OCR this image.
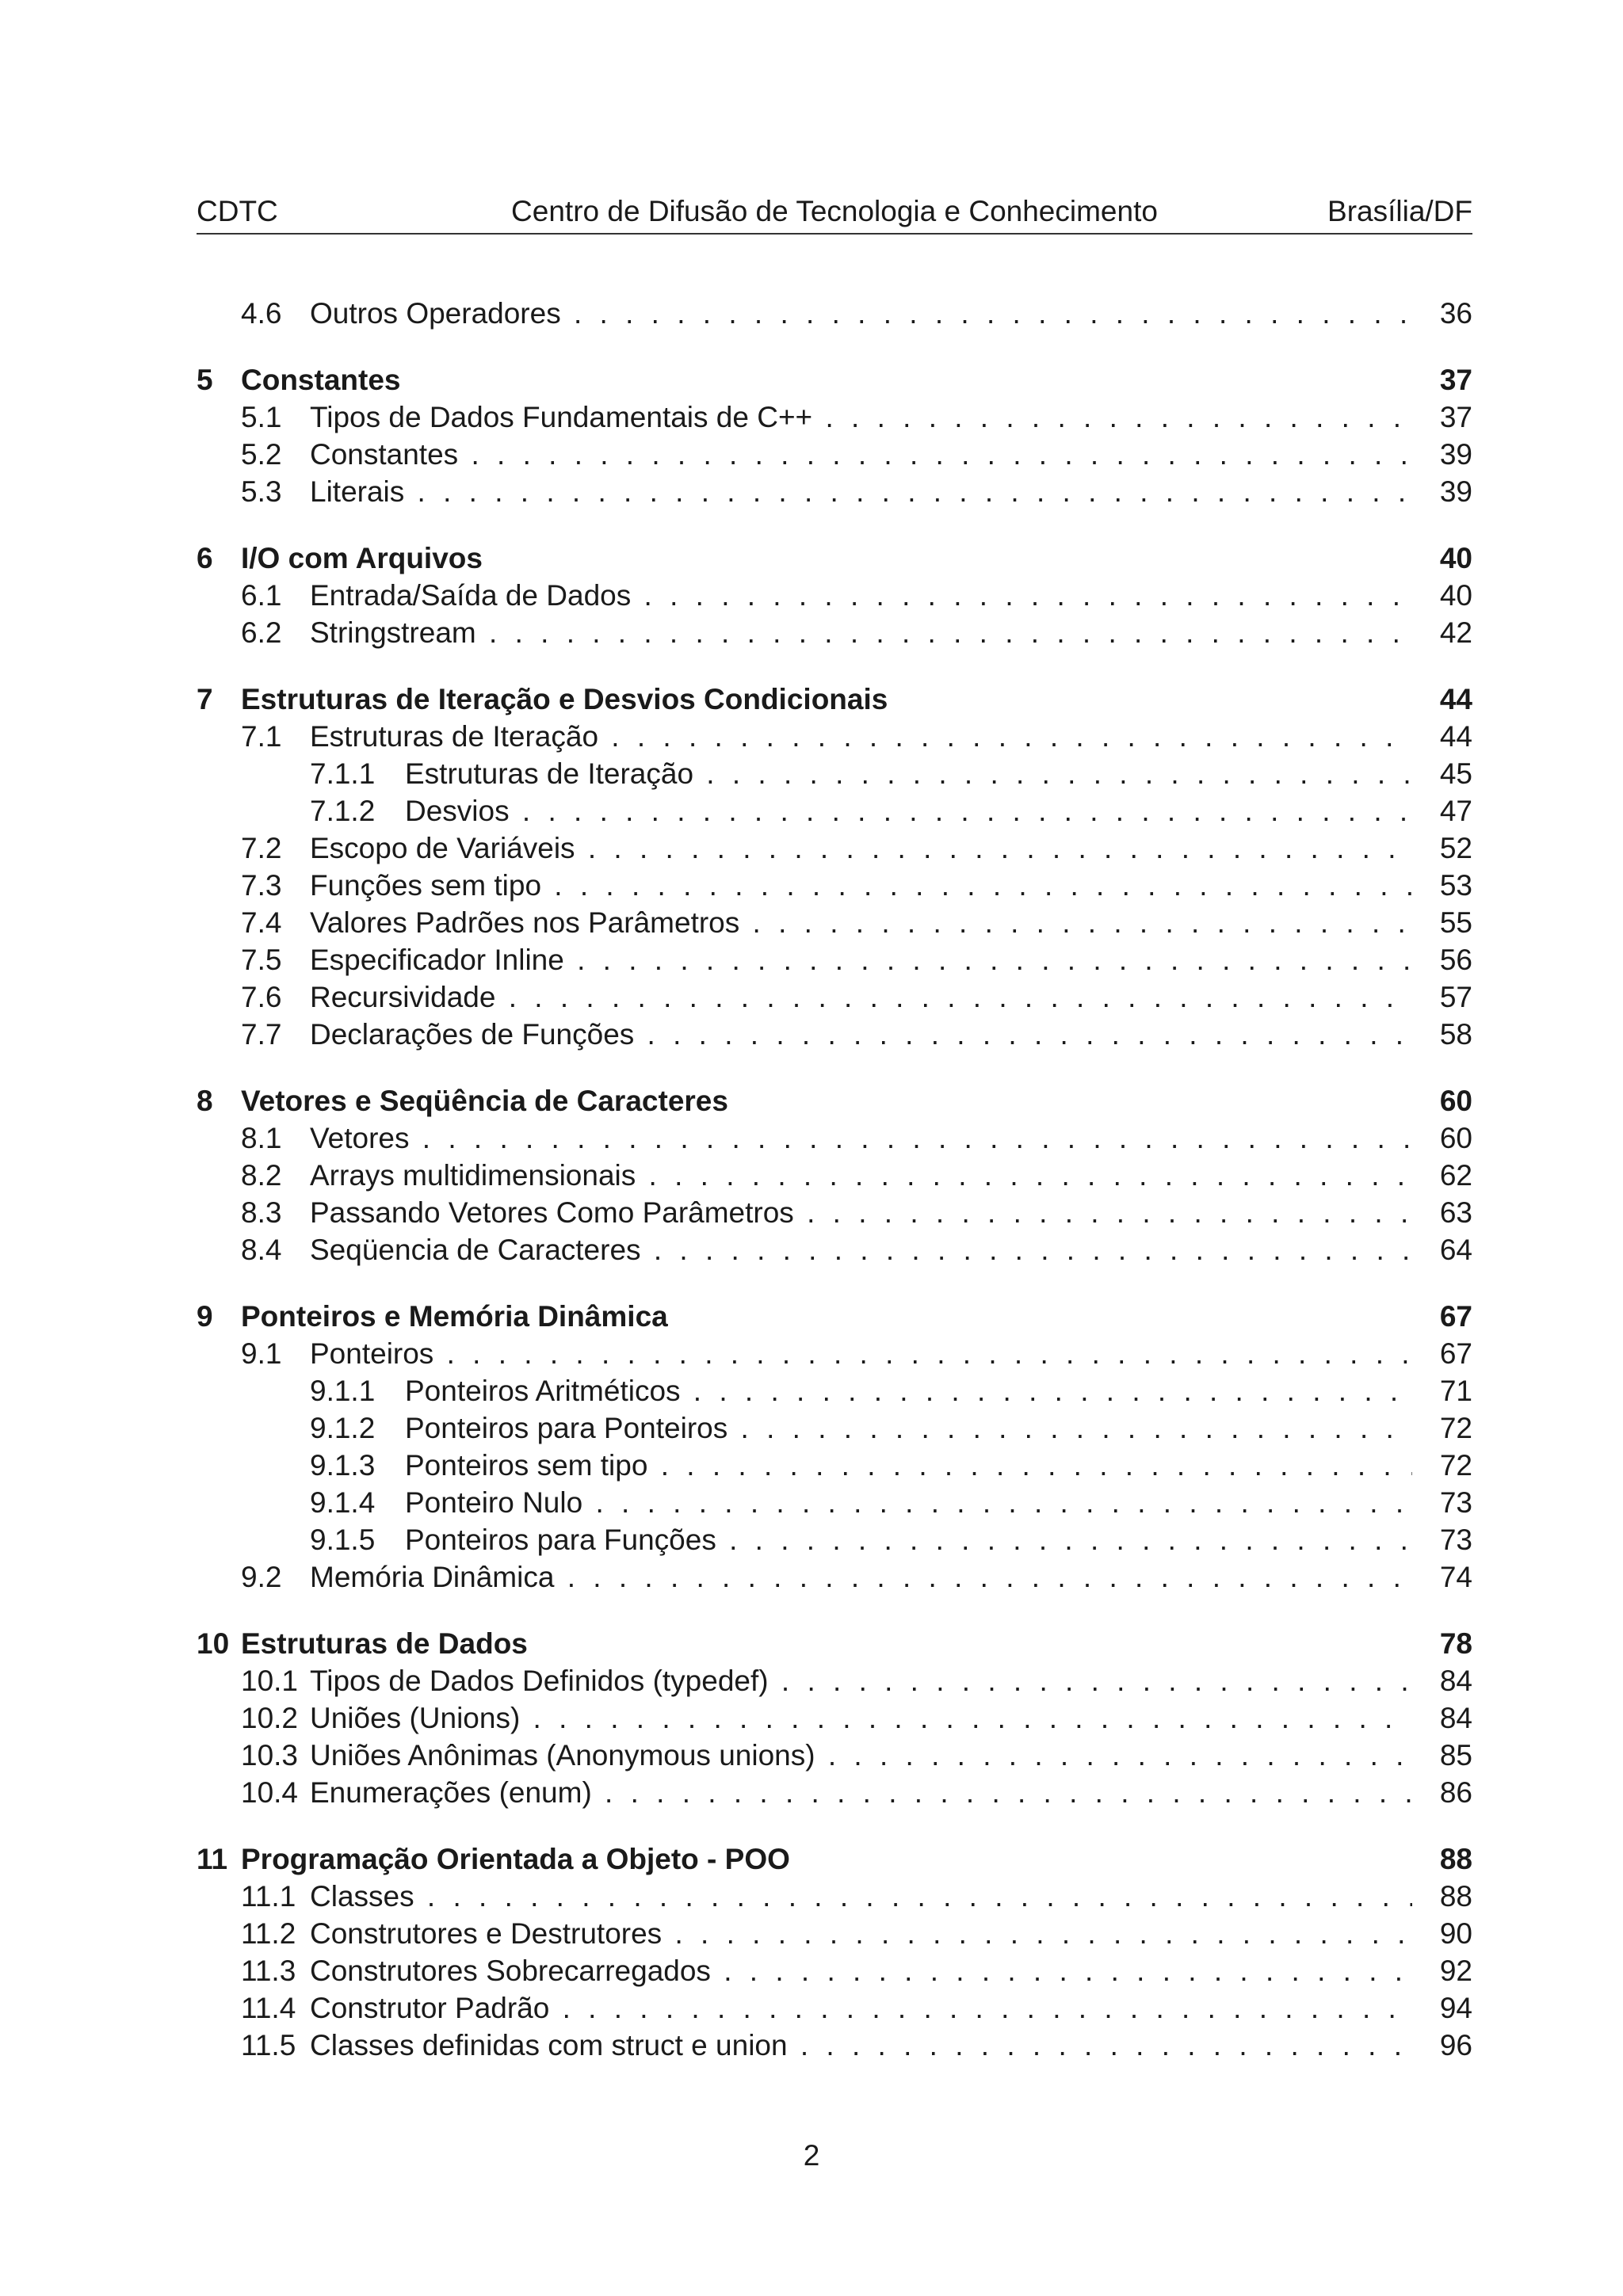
CDTC	Centro de Difusão de Tecnologia e Conhecimento	Brasília/DF
4.6 Outros Operadores . . .	36
5 Constantes	37
5.1 Tipos de Dados Fundamentais de C++ . . .	37
5.2 Constantes . . .	39
5.3 Literais . . .	39
6 I/O com Arquivos	40
6.1 Entrada/Saída de Dados . . .	40
6.2 Stringstream . . .	42
7 Estruturas de Iteração e Desvios Condicionais	44
7.1 Estruturas de Iteração . . .	44
7.1.1 Estruturas de Iteração . . .	45
7.1.2 Desvios . . .	47
7.2 Escopo de Variáveis . . .	52
7.3 Funções sem tipo . . .	53
7.4 Valores Padrões nos Parâmetros . . .	55
7.5 Especificador Inline . . .	56
7.6 Recursividade . . .	57
7.7 Declarações de Funções . . .	58
8 Vetores e Seqüência de Caracteres	60
8.1 Vetores . . .	60
8.2 Arrays multidimensionais . . .	62
8.3 Passando Vetores Como Parâmetros . . .	63
8.4 Seqüencia de Caracteres . . .	64
9 Ponteiros e Memória Dinâmica	67
9.1 Ponteiros . . .	67
9.1.1 Ponteiros Aritméticos . . .	71
9.1.2 Ponteiros para Ponteiros . . .	72
9.1.3 Ponteiros sem tipo . . .	72
9.1.4 Ponteiro Nulo . . .	73
9.1.5 Ponteiros para Funções . . .	73
9.2 Memória Dinâmica . . .	74
10 Estruturas de Dados	78
10.1 Tipos de Dados Definidos (typedef) . . .	84
10.2 Uniões (Unions) . . .	84
10.3 Uniões Anônimas (Anonymous unions) . . .	85
10.4 Enumerações (enum) . . .	86
11 Programação Orientada a Objeto - POO	88
11.1 Classes . . .	88
11.2 Construtores e Destrutores . . .	90
11.3 Construtores Sobrecarregados . . .	92
11.4 Construtor Padrão . . .	94
11.5 Classes definidas com struct e union . . .	96
2
